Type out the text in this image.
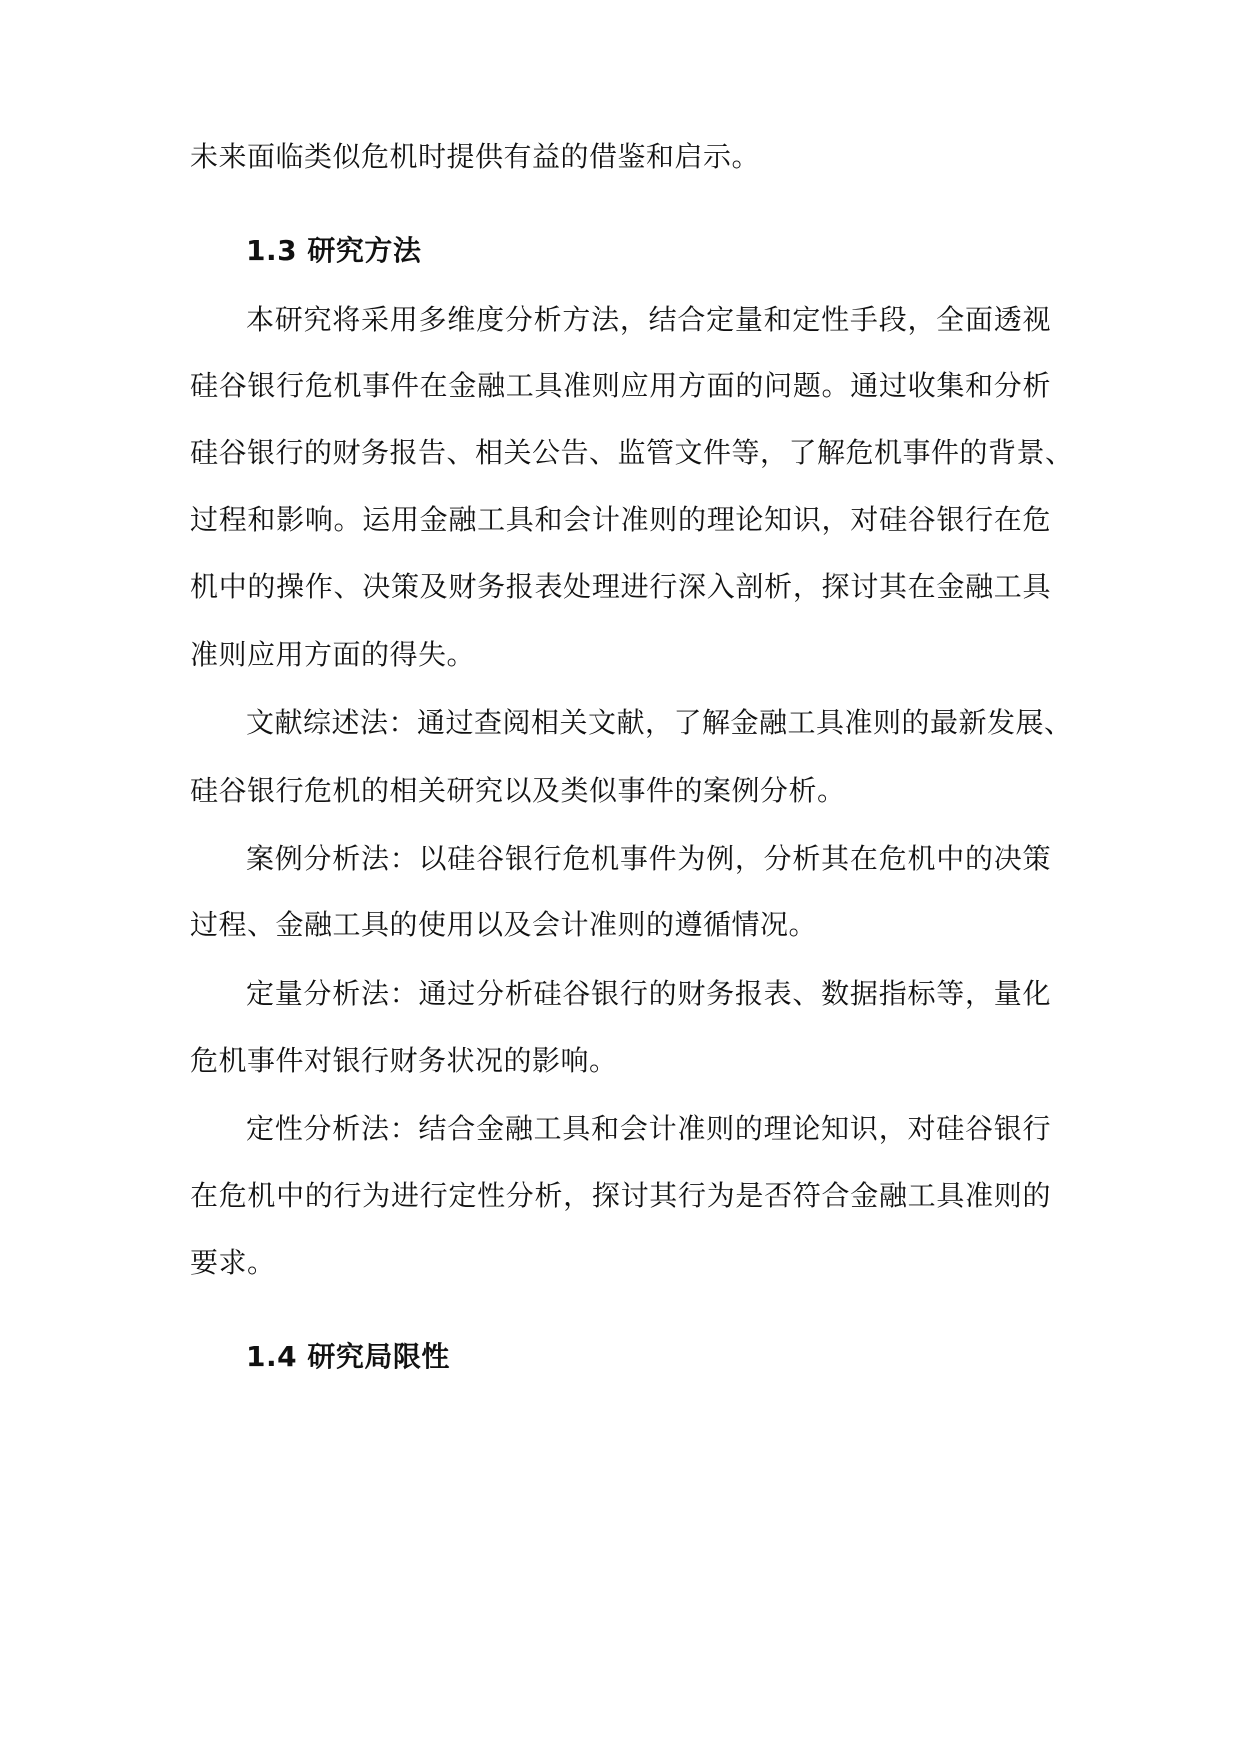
未来面临类似危机时提供有益的借鉴和启示。
1.3 研究方法
本研究将采用多维度分析方法，结合定量和定性手段，全面透视
硅谷银行危机事件在金融工具准则应用方面的问题。通过收集和分析
硅谷银行的财务报告、相关公告、监管文件等，了解危机事件的背景、
过程和影响。运用金融工具和会计准则的理论知识，对硅谷银行在危
机中的操作、决策及财务报表处理进行深入剖析，探讨其在金融工具
准则应用方面的得失。
文献综述法：通过查阅相关文献，了解金融工具准则的最新发展、
硅谷银行危机的相关研究以及类似事件的案例分析。
案例分析法：以硅谷银行危机事件为例，分析其在危机中的决策
过程、金融工具的使用以及会计准则的遵循情况。
定量分析法：通过分析硅谷银行的财务报表、数据指标等，量化
危机事件对银行财务状况的影响。
定性分析法：结合金融工具和会计准则的理论知识，对硅谷银行
在危机中的行为进行定性分析，探讨其行为是否符合金融工具准则的
要求。
1.4 研究局限性
